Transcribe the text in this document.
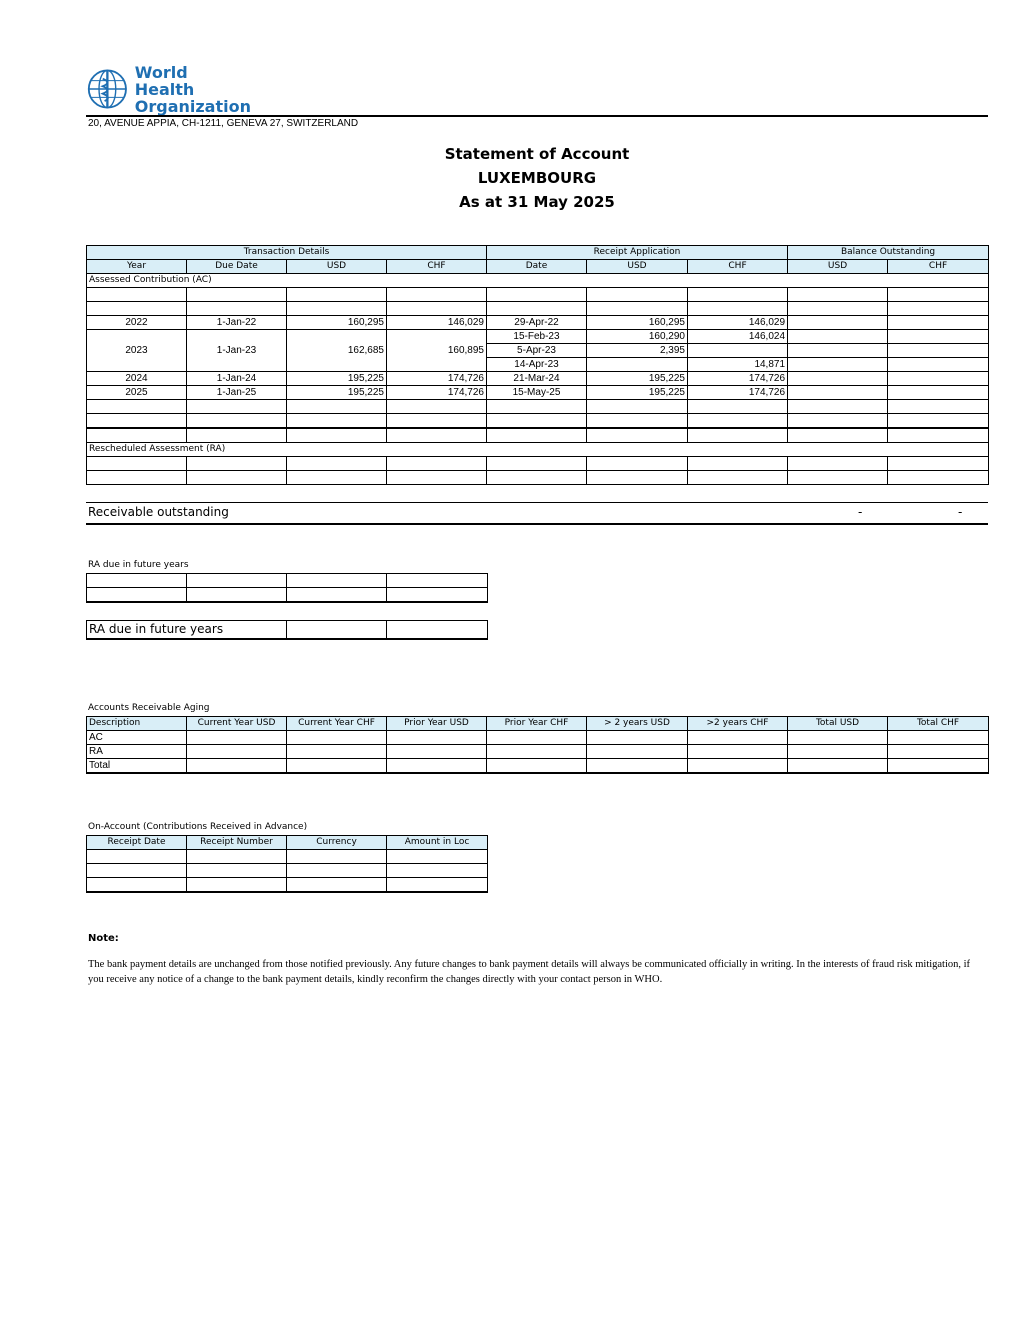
World Health
Organization
20, AVENUE APPIA, CH-1211, GENEVA 27, SWITZERLAND
Statement of Account
LUXEMBOURG
As at 31 May 2025
Transaction Details				Receipt Application			Balance Outstanding	
Year	Due Date	USD	CHF	Date	USD	CHF	USD	CHF
Assessed Contribution (AC)								

2022	1-Jan-22	160,295	146,029	29-Apr-22	160,295	146,029		
2023	1-Jan-23	162,685	160,895	15-Feb-23	160,290	146,024		
				5-Apr-23	2,395			
				14-Apr-23		14,871		
2024	1-Jan-24	195,225	174,726	21-Mar-24	195,225	174,726		
2025	1-Jan-25	195,225	174,726	15-May-25	195,225	174,726		

Rescheduled Assessment (RA)								

Receivable outstanding	-	-
RA due in future years

RA due in future years		
Accounts Receivable Aging
Description	Current Year USD	Current Year CHF	Prior Year USD	Prior Year CHF	> 2 years USD	>2 years CHF	Total USD	Total CHF
AC								
RA								
Total								
On-Account (Contributions Received in Advance)
Receipt Date	Receipt Number	Currency	Amount in Loc

Note:
The bank payment details are unchanged from those notified previously. Any future changes to bank payment details will always be communicated officially in writing. In the interests of fraud risk mitigation, if you receive any notice of a change to the bank payment details, kindly reconfirm the changes directly with your contact person in WHO.
